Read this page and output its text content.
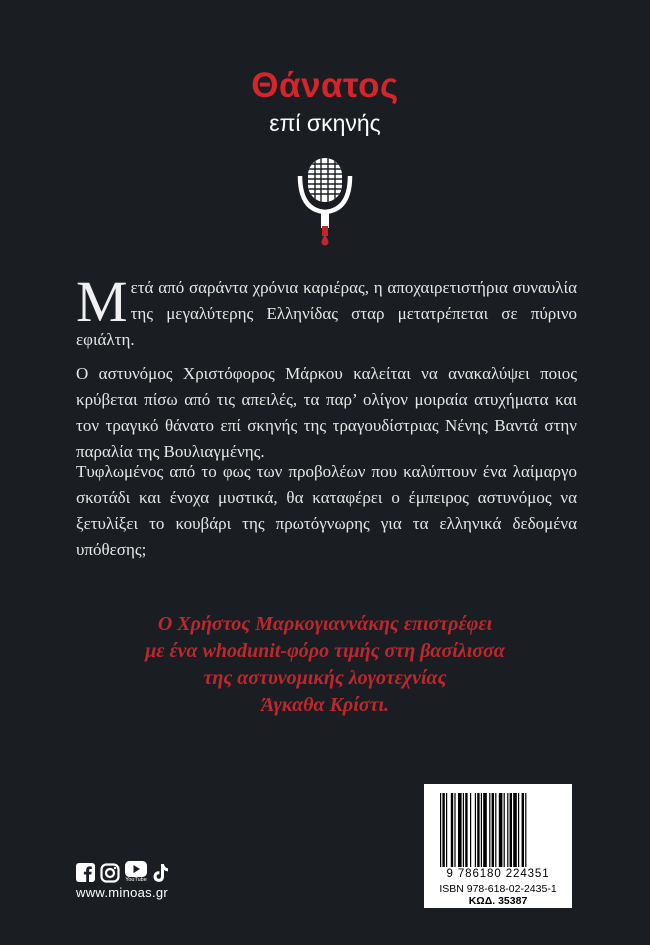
Θάνατος
επί σκηνής
Μετά από σαράντα χρόνια καριέρας, η αποχαιρετιστήρια συναυλία της μεγαλύτερης Ελληνίδας σταρ μετατρέπεται σε πύρινο εφιάλτη.
Ο αστυνόμος Χριστόφορος Μάρκου καλείται να ανακαλύψει ποιος κρύβεται πίσω από τις απειλές, τα παρ’ ολίγον μοιραία ατυχήματα και τον τραγικό θάνατο επί σκηνής της τραγουδίστριας Νένης Βαντά στην παραλία της Βουλιαγμένης.
Τυφλωμένος από το φως των προβολέων που καλύπτουν ένα λαίμαργο σκοτάδι και ένοχα μυστικά, θα καταφέρει ο έμπειρος αστυνόμος να ξετυλίξει το κουβάρι της πρωτόγνωρης για τα ελληνικά δεδομένα υπόθεσης;
Ο Χρήστος Μαρκογιαννάκης επιστρέφει
με ένα whodunit-φόρο τιμής στη βασίλισσα
της αστυνομικής λογοτεχνίας
Άγκαθα Κρίστι.
YouTube
www.minoas.gr
9 786180 224351
ISBN 978-618-02-2435-1
ΚΩΔ. 35387
